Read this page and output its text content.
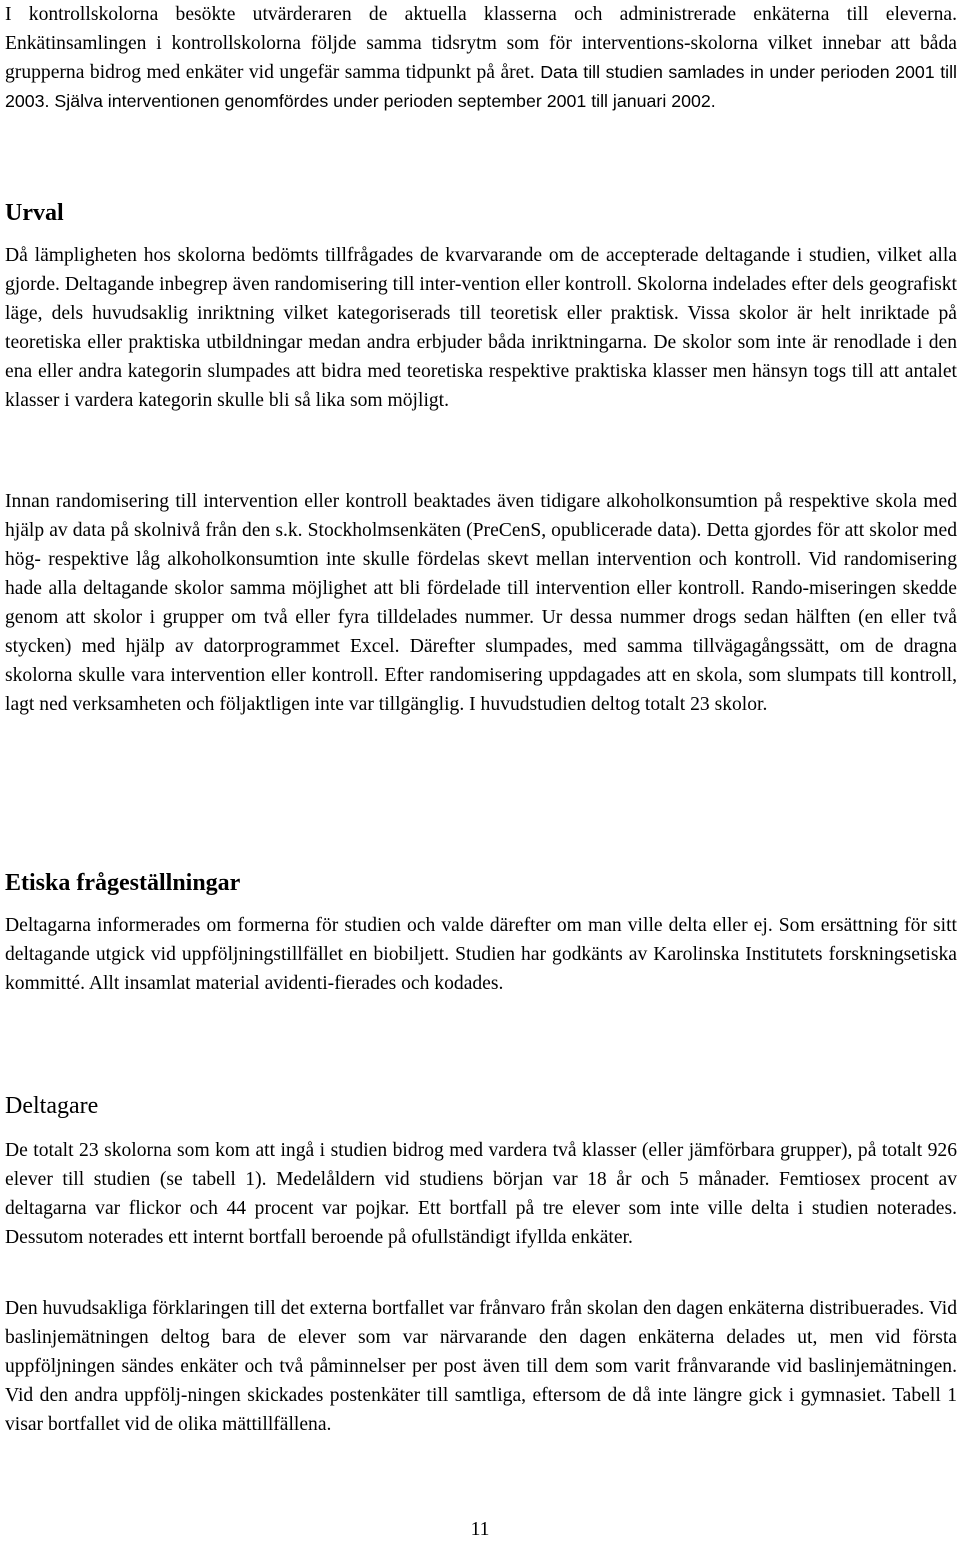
I kontrollskolorna besökte utvärderaren de aktuella klasserna och administrerade enkäterna till eleverna. Enkätinsamlingen i kontrollskolorna följde samma tidsrytm som för interventions-skolorna vilket innebar att båda grupperna bidrog med enkäter vid ungefär samma tidpunkt på året. Data till studien samlades in under perioden 2001 till 2003. Själva interventionen genomfördes under perioden september 2001 till januari 2002.

Urval

Då lämpligheten hos skolorna bedömts tillfrågades de kvarvarande om de accepterade deltagande i studien, vilket alla gjorde. Deltagande inbegrep även randomisering till inter-vention eller kontroll. Skolorna indelades efter dels geografiskt läge, dels huvudsaklig inriktning vilket kategoriserads till teoretisk eller praktisk. Vissa skolor är helt inriktade på teoretiska eller praktiska utbildningar medan andra erbjuder båda inriktningarna. De skolor som inte är renodlade i den ena eller andra kategorin slumpades att bidra med teoretiska respektive praktiska klasser men hänsyn togs till att antalet klasser i vardera kategorin skulle bli så lika som möjligt.

Innan randomisering till intervention eller kontroll beaktades även tidigare alkoholkonsumtion på respektive skola med hjälp av data på skolnivå från den s.k. Stockholmsenkäten (PreCenS, opublicerade data). Detta gjordes för att skolor med hög- respektive låg alkoholkonsumtion inte skulle fördelas skevt mellan intervention och kontroll. Vid randomisering hade alla deltagande skolor samma möjlighet att bli fördelade till intervention eller kontroll. Rando-miseringen skedde genom att skolor i grupper om två eller fyra tilldelades nummer. Ur dessa nummer drogs sedan hälften (en eller två stycken) med hjälp av datorprogrammet Excel. Därefter slumpades, med samma tillvägagångssätt, om de dragna skolorna skulle vara intervention eller kontroll. Efter randomisering uppdagades att en skola, som slumpats till kontroll, lagt ned verksamheten och följaktligen inte var tillgänglig. I huvudstudien deltog totalt 23 skolor.

Etiska frågeställningar

Deltagarna informerades om formerna för studien och valde därefter om man ville delta eller ej. Som ersättning för sitt deltagande utgick vid uppföljningstillfället en biobiljett. Studien har godkänts av Karolinska Institutets forskningsetiska kommitté. Allt insamlat material avidenti-fierades och kodades.

Deltagare

De totalt 23 skolorna som kom att ingå i studien bidrog med vardera två klasser (eller jämförbara grupper), på totalt 926 elever till studien (se tabell 1). Medelåldern vid studiens början var 18 år och 5 månader. Femtiosex procent av deltagarna var flickor och 44 procent var pojkar. Ett bortfall på tre elever som inte ville delta i studien noterades. Dessutom noterades ett internt bortfall beroende på ofullständigt ifyllda enkäter.

Den huvudsakliga förklaringen till det externa bortfallet var frånvaro från skolan den dagen enkäterna distribuerades. Vid baslinjemätningen deltog bara de elever som var närvarande den dagen enkäterna delades ut, men vid första uppföljningen sändes enkäter och två påminnelser per post även till dem som varit frånvarande vid baslinjemätningen. Vid den andra uppfölj-ningen skickades postenkäter till samtliga, eftersom de då inte längre gick i gymnasiet. Tabell 1 visar bortfallet vid de olika mättillfällena.

11
